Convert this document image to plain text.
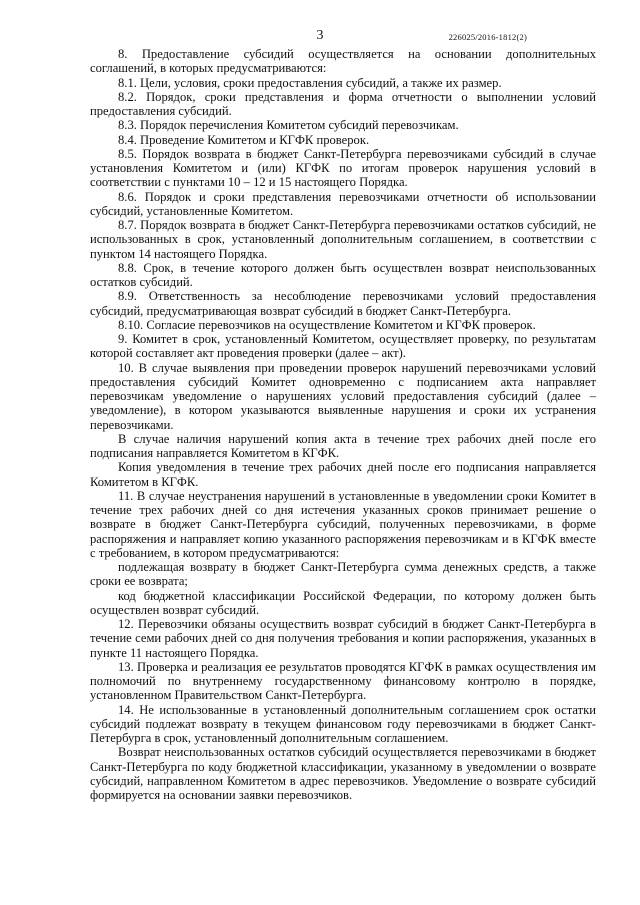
3	226025/2016-1812(2)

8. Предоставление субсидий осуществляется на основании дополнительных соглашений, в которых предусматриваются:

8.1. Цели, условия, сроки предоставления субсидий, а также их размер.

8.2. Порядок, сроки представления и форма отчетности о выполнении условий предоставления субсидий.

8.3. Порядок перечисления Комитетом субсидий перевозчикам.

8.4. Проведение Комитетом и КГФК проверок.

8.5. Порядок возврата в бюджет Санкт-Петербурга перевозчиками субсидий в случае установления Комитетом и (или) КГФК по итогам проверок нарушения условий в соответствии с пунктами 10 – 12 и 15 настоящего Порядка.

8.6. Порядок и сроки представления перевозчиками отчетности об использовании субсидий, установленные Комитетом.

8.7. Порядок возврата в бюджет Санкт-Петербурга перевозчиками остатков субсидий, не использованных в срок, установленный дополнительным соглашением, в соответствии с пунктом 14 настоящего Порядка.

8.8. Срок, в течение которого должен быть осуществлен возврат неиспользованных остатков субсидий.

8.9. Ответственность за несоблюдение перевозчиками условий предоставления субсидий, предусматривающая возврат субсидий в бюджет Санкт-Петербурга.

8.10. Согласие перевозчиков на осуществление Комитетом и КГФК проверок.

9. Комитет в срок, установленный Комитетом, осуществляет проверку, по результатам которой составляет акт проведения проверки (далее – акт).

10. В случае выявления при проведении проверок нарушений перевозчиками условий предоставления субсидий Комитет одновременно с подписанием акта направляет перевозчикам уведомление о нарушениях условий предоставления субсидий (далее – уведомление), в котором указываются выявленные нарушения и сроки их устранения перевозчиками.

В случае наличия нарушений копия акта в течение трех рабочих дней после его подписания направляется Комитетом в КГФК.

Копия уведомления в течение трех рабочих дней после его подписания направляется Комитетом в КГФК.

11. В случае неустранения нарушений в установленные в уведомлении сроки Комитет в течение трех рабочих дней со дня истечения указанных сроков принимает решение о возврате в бюджет Санкт-Петербурга субсидий, полученных перевозчиками, в форме распоряжения и направляет копию указанного распоряжения перевозчикам и в КГФК вместе с требованием, в котором предусматриваются:

подлежащая возврату в бюджет Санкт-Петербурга сумма денежных средств, а также сроки ее возврата;

код бюджетной классификации Российской Федерации, по которому должен быть осуществлен возврат субсидий.

12. Перевозчики обязаны осуществить возврат субсидий в бюджет Санкт-Петербурга в течение семи рабочих дней со дня получения требования и копии распоряжения, указанных в пункте 11 настоящего Порядка.

13. Проверка и реализация ее результатов проводятся КГФК в рамках осуществления им полномочий по внутреннему государственному финансовому контролю в порядке, установленном Правительством Санкт-Петербурга.

14. Не использованные в установленный дополнительным соглашением срок остатки субсидий подлежат возврату в текущем финансовом году перевозчиками в бюджет Санкт-Петербурга в срок, установленный дополнительным соглашением.

Возврат неиспользованных остатков субсидий осуществляется перевозчиками в бюджет Санкт-Петербурга по коду бюджетной классификации, указанному в уведомлении о возврате субсидий, направленном Комитетом в адрес перевозчиков. Уведомление о возврате субсидий формируется на основании заявки перевозчиков.
